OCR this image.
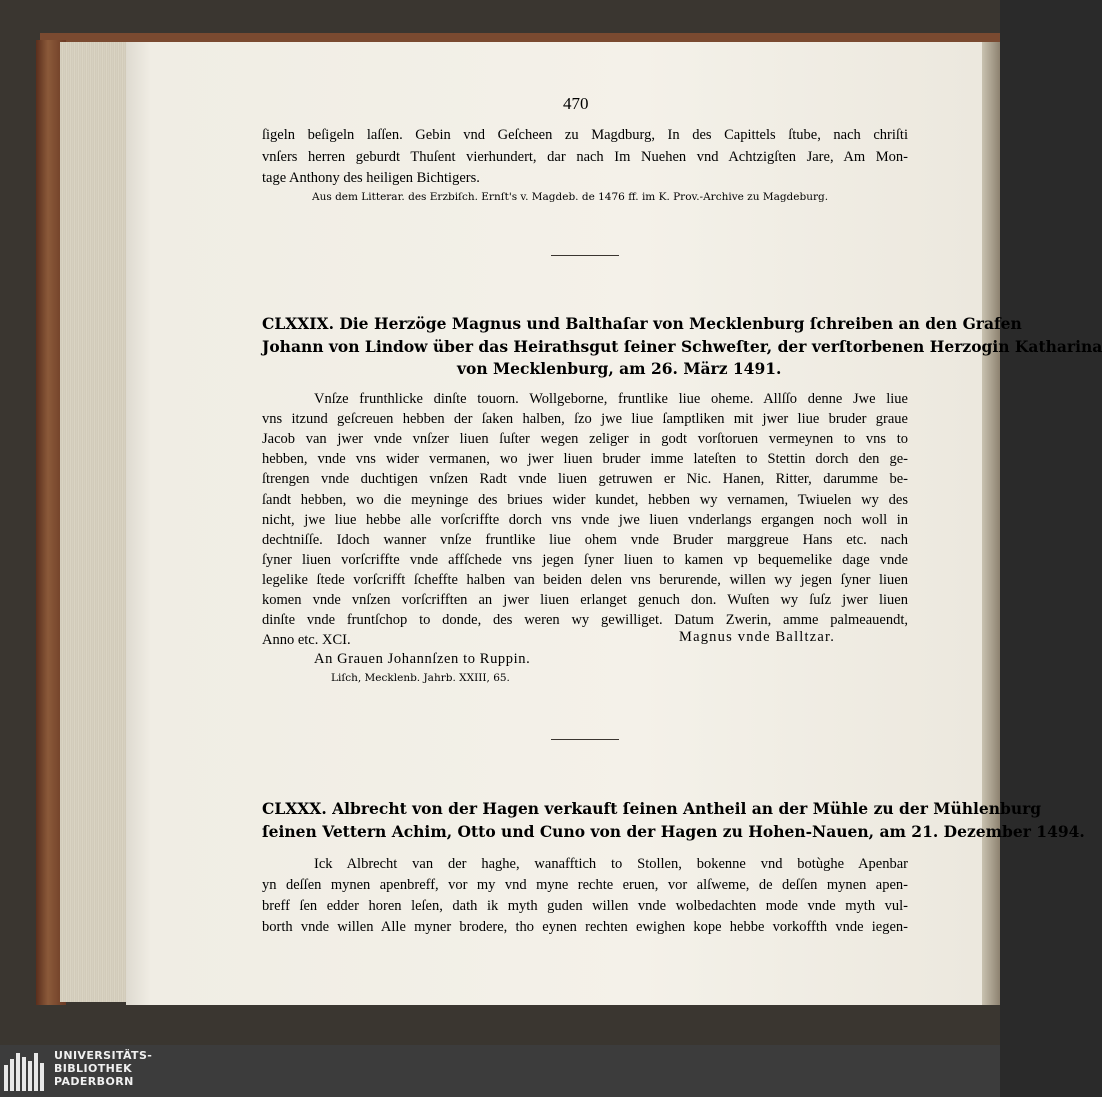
470
ſigeln beſigeln laſſen. Gebin vnd Geſcheen zu Magdburg, In des Capittels ſtube, nach chriſti
vnſers herren geburdt Thuſent vierhundert, dar nach Im Nuehen vnd Achtzigſten Jare, Am Mon-
tage Anthony des heiligen Bichtigers.
Aus dem Litterar. des Erzbiſch. Ernſt's v. Magdeb. de 1476 ff. im K. Prov.-Archive zu Magdeburg.
CLXXIX. Die Herzöge Magnus und Balthaſar von Mecklenburg ſchreiben an den Grafen
Johann von Lindow über das Heirathsgut ſeiner Schweſter, der verſtorbenen Herzogin Katharina
von Mecklenburg, am 26. März 1491.
Vnſze frunthlicke dinſte touorn. Wollgeborne, fruntlike liue oheme. Allſſo denne Jwe liue
vns itzund geſcreuen hebben der ſaken halben, ſzo jwe liue ſamptliken mit jwer liue bruder graue
Jacob van jwer vnde vnſzer liuen ſuſter wegen zeliger in godt vorſtoruen vermeynen to vns to
hebben, vnde vns wider vermanen, wo jwer liuen bruder imme lateſten to Stettin dorch den ge-
ſtrengen vnde duchtigen vnſzen Radt vnde liuen getruwen er Nic. Hanen, Ritter, darumme be-
ſandt hebben, wo die meyninge des briues wider kundet, hebben wy vernamen, Twiuelen wy des
nicht, jwe liue hebbe alle vorſcriffte dorch vns vnde jwe liuen vnderlangs ergangen noch woll in
dechtniſſe. Idoch wanner vnſze fruntlike liue ohem vnde Bruder marggreue Hans etc. nach
ſyner liuen vorſcriffte vnde affſchede vns jegen ſyner liuen to kamen vp bequemelike dage vnde
legelike ſtede vorſcrifft ſcheffte halben van beiden delen vns berurende, willen wy jegen ſyner liuen
komen vnde vnſzen vorſcrifften an jwer liuen erlanget genuch don. Wuſten wy ſuſz jwer liuen
dinſte vnde fruntſchop to donde, des weren wy gewilliget. Datum Zwerin, amme palmeauendt,
Anno etc. XCI.	Magnus vnde Balltzar.
An Grauen Johannſzen to Ruppin.
Liſch, Mecklenb. Jahrb. XXIII, 65.
CLXXX. Albrecht von der Hagen verkauft ſeinen Antheil an der Mühle zu der Mühlenburg
ſeinen Vettern Achim, Otto und Cuno von der Hagen zu Hohen-Nauen, am 21. Dezember 1494.
Ick Albrecht van der haghe, wanafftich to Stollen, bokenne vnd botùghe Apenbar
yn deſſen mynen apenbreff, vor my vnd myne rechte eruen, vor alſweme, de deſſen mynen apen-
breff ſen edder horen leſen, dath ik myth guden willen vnde wolbedachten mode vnde myth vul-
borth vnde willen Alle myner brodere, tho eynen rechten ewighen kope hebbe vorkoffth vnde iegen-
UNIVERSITÄTS-
BIBLIOTHEK
PADERBORN
